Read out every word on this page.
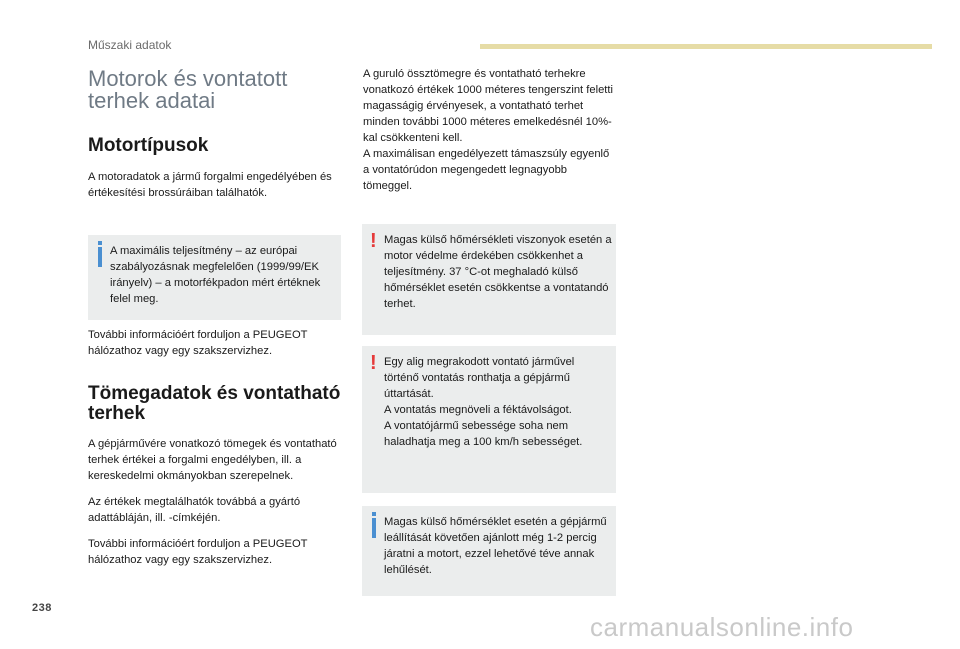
Műszaki adatok
Motorok és vontatott
terhek adatai
Motortípusok

A motoradatok a jármű forgalmi engedélyében és értékesítési brossúráiban találhatók.

A maximális teljesítmény – az európai szabályozásnak megfelelően (1999/99/EK irányelv) – a motorfékpadon mért értéknek felel meg.

További információért forduljon a PEUGEOT hálózathoz vagy egy szakszervizhez.

Tömegadatok és vontatható terhek

A gépjárművére vonatkozó tömegek és vontatható terhek értékei a forgalmi engedélyben, ill. a kereskedelmi okmányokban szerepelnek.

Az értékek megtalálhatók továbbá a gyártó adattábláján, ill. -címkéjén.

További információért forduljon a PEUGEOT hálózathoz vagy egy szakszervizhez.

A guruló össztömegre és vontatható terhekre vonatkozó értékek 1000 méteres tengerszint feletti magasságig érvényesek, a vontatható terhet minden további 1000 méteres emelkedésnél 10%-kal csökkenteni kell.
A maximálisan engedélyezett támaszsúly egyenlő a vontatórúdon megengedett legnagyobb tömeggel.

! Magas külső hőmérsékleti viszonyok esetén a motor védelme érdekében csökkenhet a teljesítmény. 37 °C-ot meghaladó külső hőmérséklet esetén csökkentse a vontatandó terhet.
! Egy alig megrakodott vontató járművel történő vontatás ronthatja a gépjármű úttartását.
A vontatás megnöveli a féktávolságot.
A vontatójármű sebessége soha nem haladhatja meg a 100 km/h sebességet.
Magas külső hőmérséklet esetén a gépjármű leállítását követően ajánlott még 1-2 percig járatni a motort, ezzel lehetővé téve annak lehűlését.
238
carmanualsonline.info
